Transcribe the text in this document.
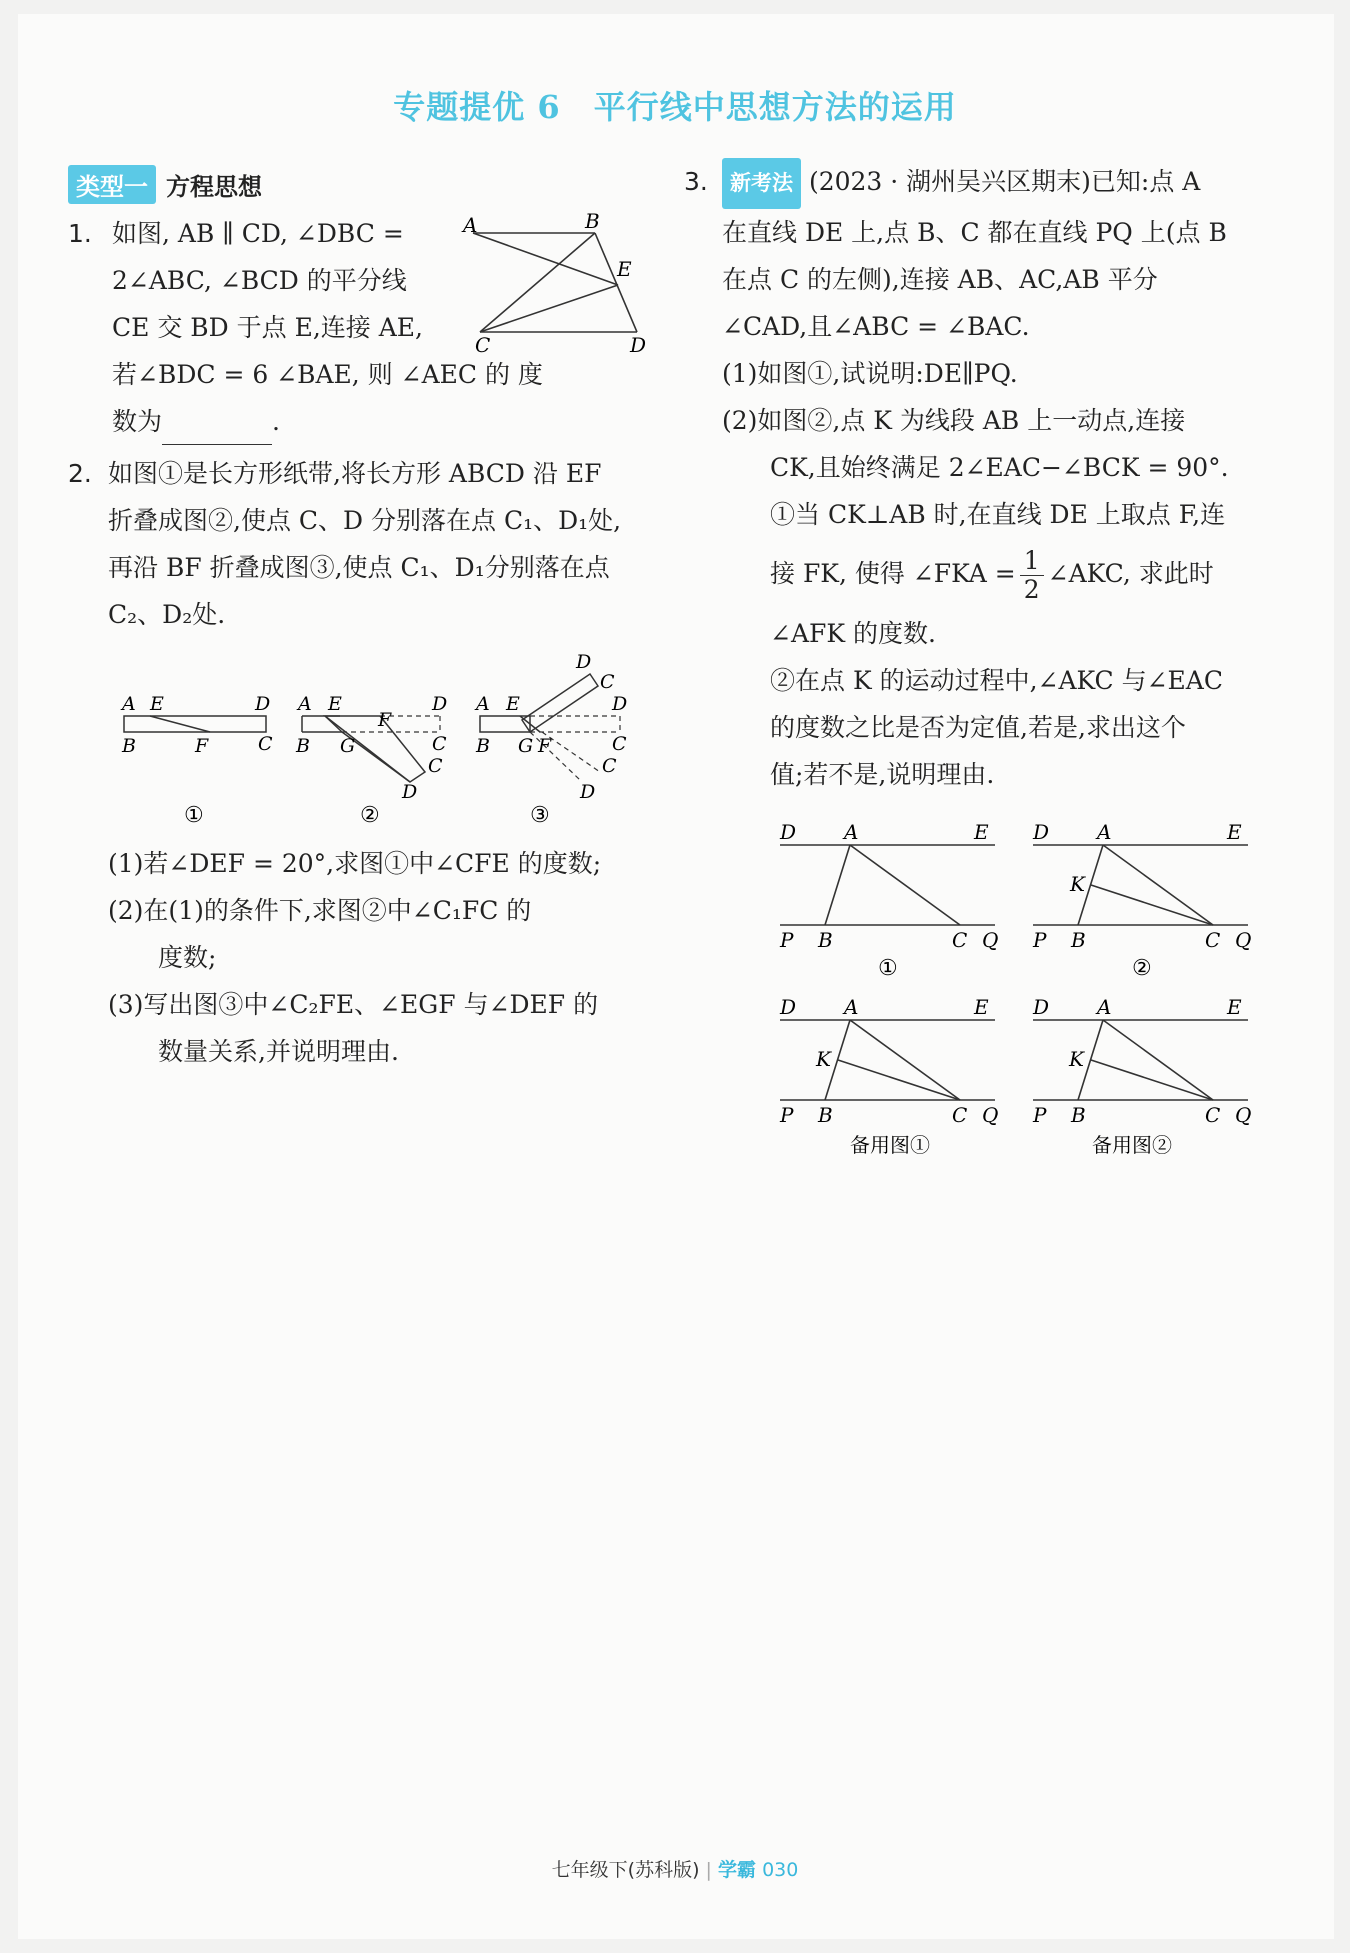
专题提优 6　平行线中思想方法的运用
类型一 方程思想
1. 如图, AB ∥ CD, ∠DBC =
2∠ABC, ∠BCD 的平分线
CE 交 BD 于点 E,连接 AE,
若∠BDC = 6 ∠BAE, 则 ∠AEC 的 度
数为	.
A	B
E
C	D
2. 如图①是长方形纸带,将长方形 ABCD 沿 EF
折叠成图②,使点 C、D 分别落在点 C₁、D₁处,
再沿 BF 折叠成图③,使点 C₁、D₁分别落在点
C₂、D₂处.
A E	D
B	F	C
A E	D
B G
F
C
C
D
A E	D
B G F	C
D
C
C
D
①	②	③
(1)若∠DEF = 20°,求图①中∠CFE 的度数;
(2)在(1)的条件下,求图②中∠C₁FC 的
度数;
(3)写出图③中∠C₂FE、∠EGF 与∠DEF 的
数量关系,并说明理由.
3.	新考法 (2023 · 湖州吴兴区期末)已知:点 A
在直线 DE 上,点 B、C 都在直线 PQ 上(点 B
在点 C 的左侧),连接 AB、AC,AB 平分
∠CAD,且∠ABC = ∠BAC.
(1)如图①,试说明:DE∥PQ.
(2)如图②,点 K 为线段 AB 上一动点,连接
CK,且始终满足 2∠EAC−∠BCK = 90°.
①当 CK⊥AB 时,在直线 DE 上取点 F,连
接 FK, 使得 ∠FKA = $\frac{1}{2}$ ∠AKC, 求此时
∠AFK 的度数.
②在点 K 的运动过程中,∠AKC 与∠EAC
的度数之比是否为定值,若是,求出这个
值;若不是,说明理由.
D A	E
P B	C Q
D A	E
K
P B	C Q
D A	E
K
P B	C Q
D A	E
K
P B	C Q
①	②
备用图①	备用图②
七年级下(苏科版) | 学霸 030
